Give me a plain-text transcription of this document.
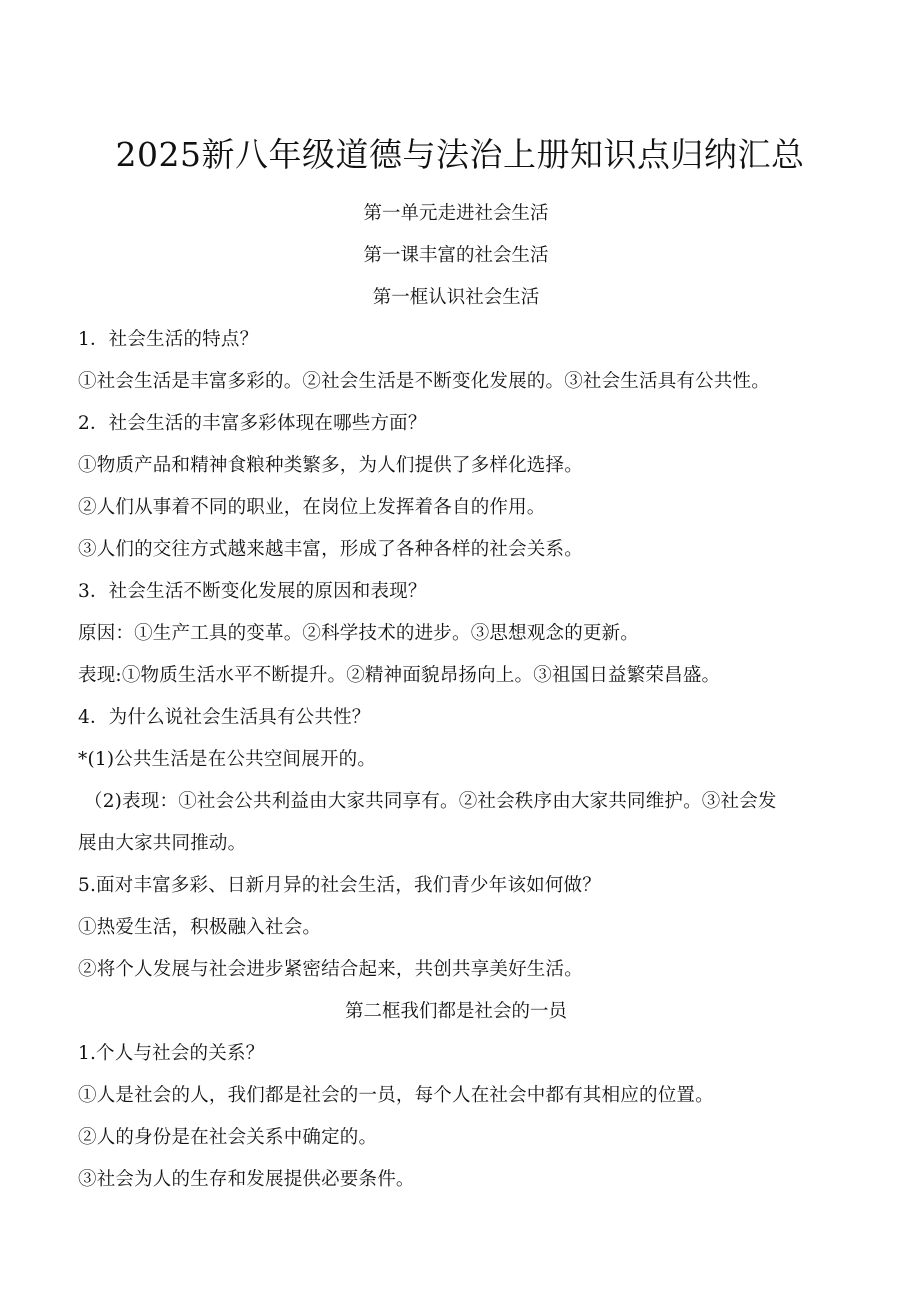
2025新八年级道德与法治上册知识点归纳汇总
第一单元走进社会生活
第一课丰富的社会生活
第一框认识社会生活
1．社会生活的特点？
①社会生活是丰富多彩的。②社会生活是不断变化发展的。③社会生活具有公共性。
2．社会生活的丰富多彩体现在哪些方面？
①物质产品和精神食粮种类繁多，为人们提供了多样化选择。
②人们从事着不同的职业，在岗位上发挥着各自的作用。
③人们的交往方式越来越丰富，形成了各种各样的社会关系。
3．社会生活不断变化发展的原因和表现？
原因：①生产工具的变革。②科学技术的进步。③思想观念的更新。
表现:①物质生活水平不断提升。②精神面貌昂扬向上。③祖国日益繁荣昌盛。
4．为什么说社会生活具有公共性？
*(1)公共生活是在公共空间展开的。
（2)表现：①社会公共利益由大家共同享有。②社会秩序由大家共同维护。③社会发
展由大家共同推动。
5.面对丰富多彩、日新月异的社会生活，我们青少年该如何做？
①热爱生活，积极融入社会。
②将个人发展与社会进步紧密结合起来，共创共享美好生活。
第二框我们都是社会的一员
1.个人与社会的关系？
①人是社会的人，我们都是社会的一员，每个人在社会中都有其相应的位置。
②人的身份是在社会关系中确定的。
③社会为人的生存和发展提供必要条件。
